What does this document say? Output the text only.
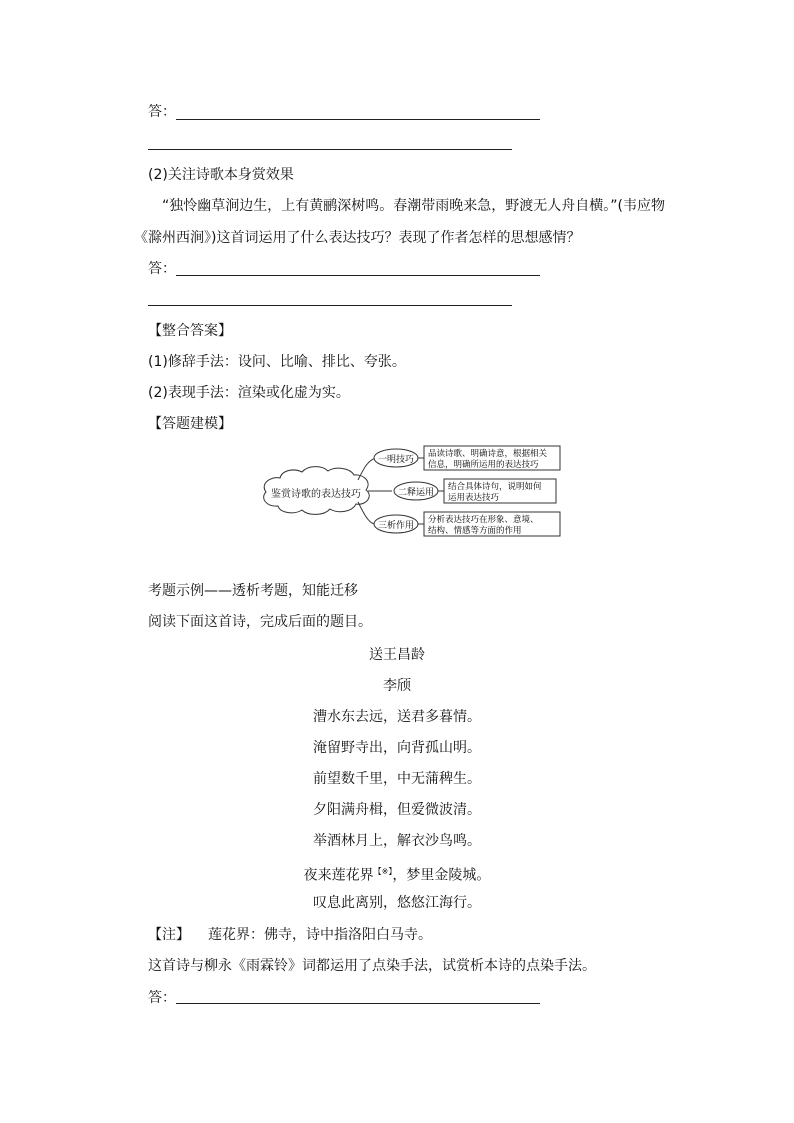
答：
(2)关注诗歌本身赏效果
“独怜幽草涧边生，上有黄鹂深树鸣。春潮带雨晚来急，野渡无人舟自横。”(韦应物
《滁州西涧》)这首词运用了什么表达技巧？表现了作者怎样的思想感情？
答：
【整合答案】
(1)修辞手法：设问、比喻、排比、夸张。
(2)表现手法：渲染或化虚为实。
【答题建模】
鉴赏诗歌的表达技巧
一明技巧
品读诗歌、明确诗意，根据相关
信息，明确所运用的表达技巧
二释运用
结合具体诗句，说明如何
运用表达技巧
三析作用
分析表达技巧在形象、意境、
结构、情感等方面的作用
考题示例——透析考题，知能迁移
阅读下面这首诗，完成后面的题目。
送王昌龄
李颀
漕水东去远，送君多暮情。
淹留野寺出，向背孤山明。
前望数千里，中无蒲稗生。
夕阳满舟楫，但爱微波清。
举酒林月上，解衣沙鸟鸣。
夜来莲花界【※】，梦里金陵城。
叹息此离别，悠悠江海行。
【注】 莲花界：佛寺，诗中指洛阳白马寺。
这首诗与柳永《雨霖铃》词都运用了点染手法，试赏析本诗的点染手法。
答：
